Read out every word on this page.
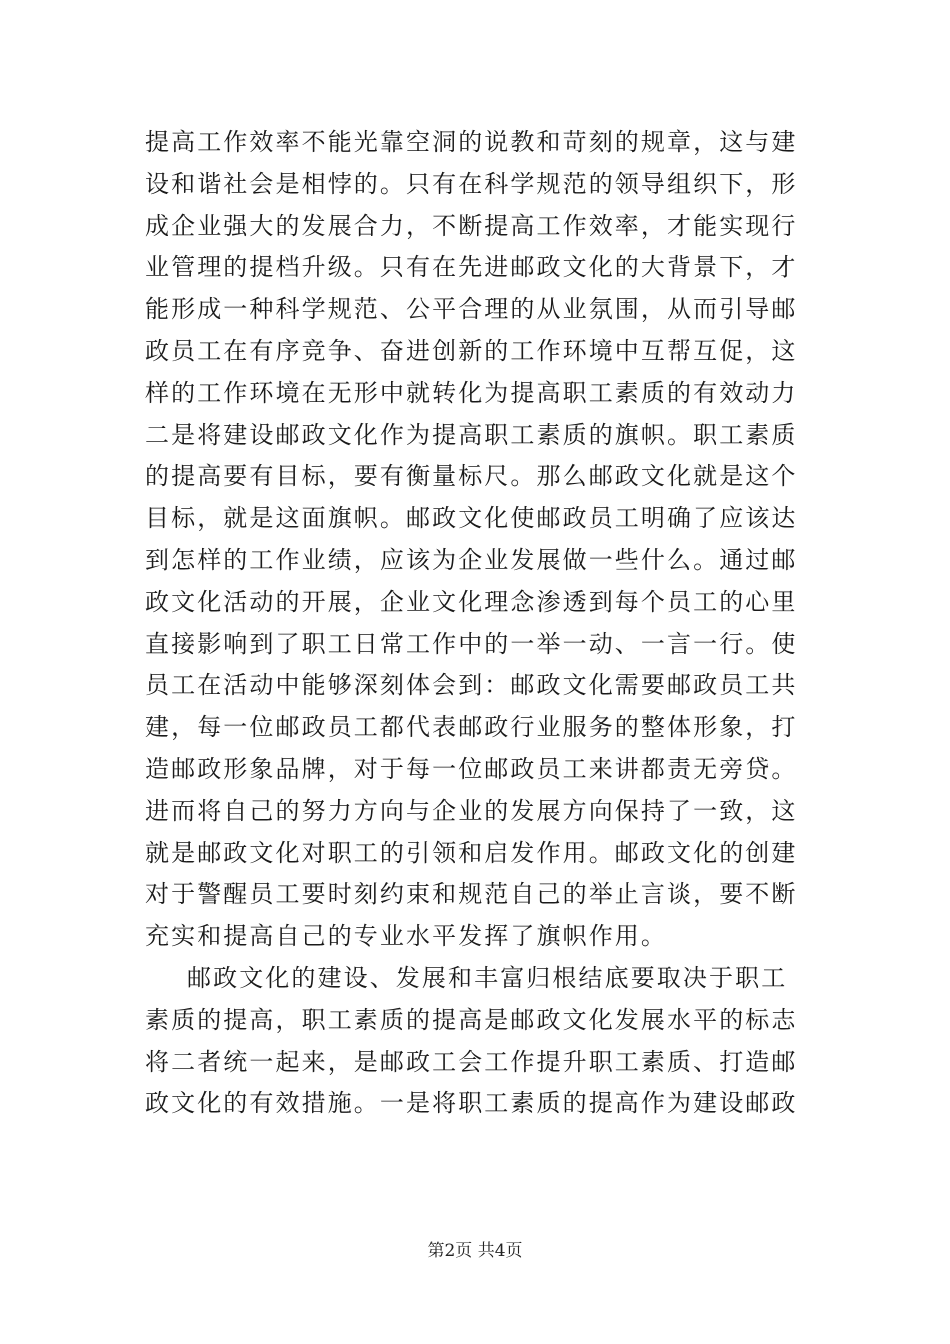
提高工作效率不能光靠空洞的说教和苛刻的规章，这与建
设和谐社会是相悖的。只有在科学规范的领导组织下，形
成企业强大的发展合力，不断提高工作效率，才能实现行
业管理的提档升级。只有在先进邮政文化的大背景下，才
能形成一种科学规范、公平合理的从业氛围，从而引导邮
政员工在有序竞争、奋进创新的工作环境中互帮互促，这
样的工作环境在无形中就转化为提高职工素质的有效动力
二是将建设邮政文化作为提高职工素质的旗帜。职工素质
的提高要有目标，要有衡量标尺。那么邮政文化就是这个
目标，就是这面旗帜。邮政文化使邮政员工明确了应该达
到怎样的工作业绩，应该为企业发展做一些什么。通过邮
政文化活动的开展，企业文化理念渗透到每个员工的心里
直接影响到了职工日常工作中的一举一动、一言一行。使
员工在活动中能够深刻体会到：邮政文化需要邮政员工共
建，每一位邮政员工都代表邮政行业服务的整体形象，打
造邮政形象品牌，对于每一位邮政员工来讲都责无旁贷。
进而将自己的努力方向与企业的发展方向保持了一致，这
就是邮政文化对职工的引领和启发作用。邮政文化的创建
对于警醒员工要时刻约束和规范自己的举止言谈，要不断
充实和提高自己的专业水平发挥了旗帜作用。
邮政文化的建设、发展和丰富归根结底要取决于职工
素质的提高，职工素质的提高是邮政文化发展水平的标志
将二者统一起来，是邮政工会工作提升职工素质、打造邮
政文化的有效措施。一是将职工素质的提高作为建设邮政
第2页 共4页
